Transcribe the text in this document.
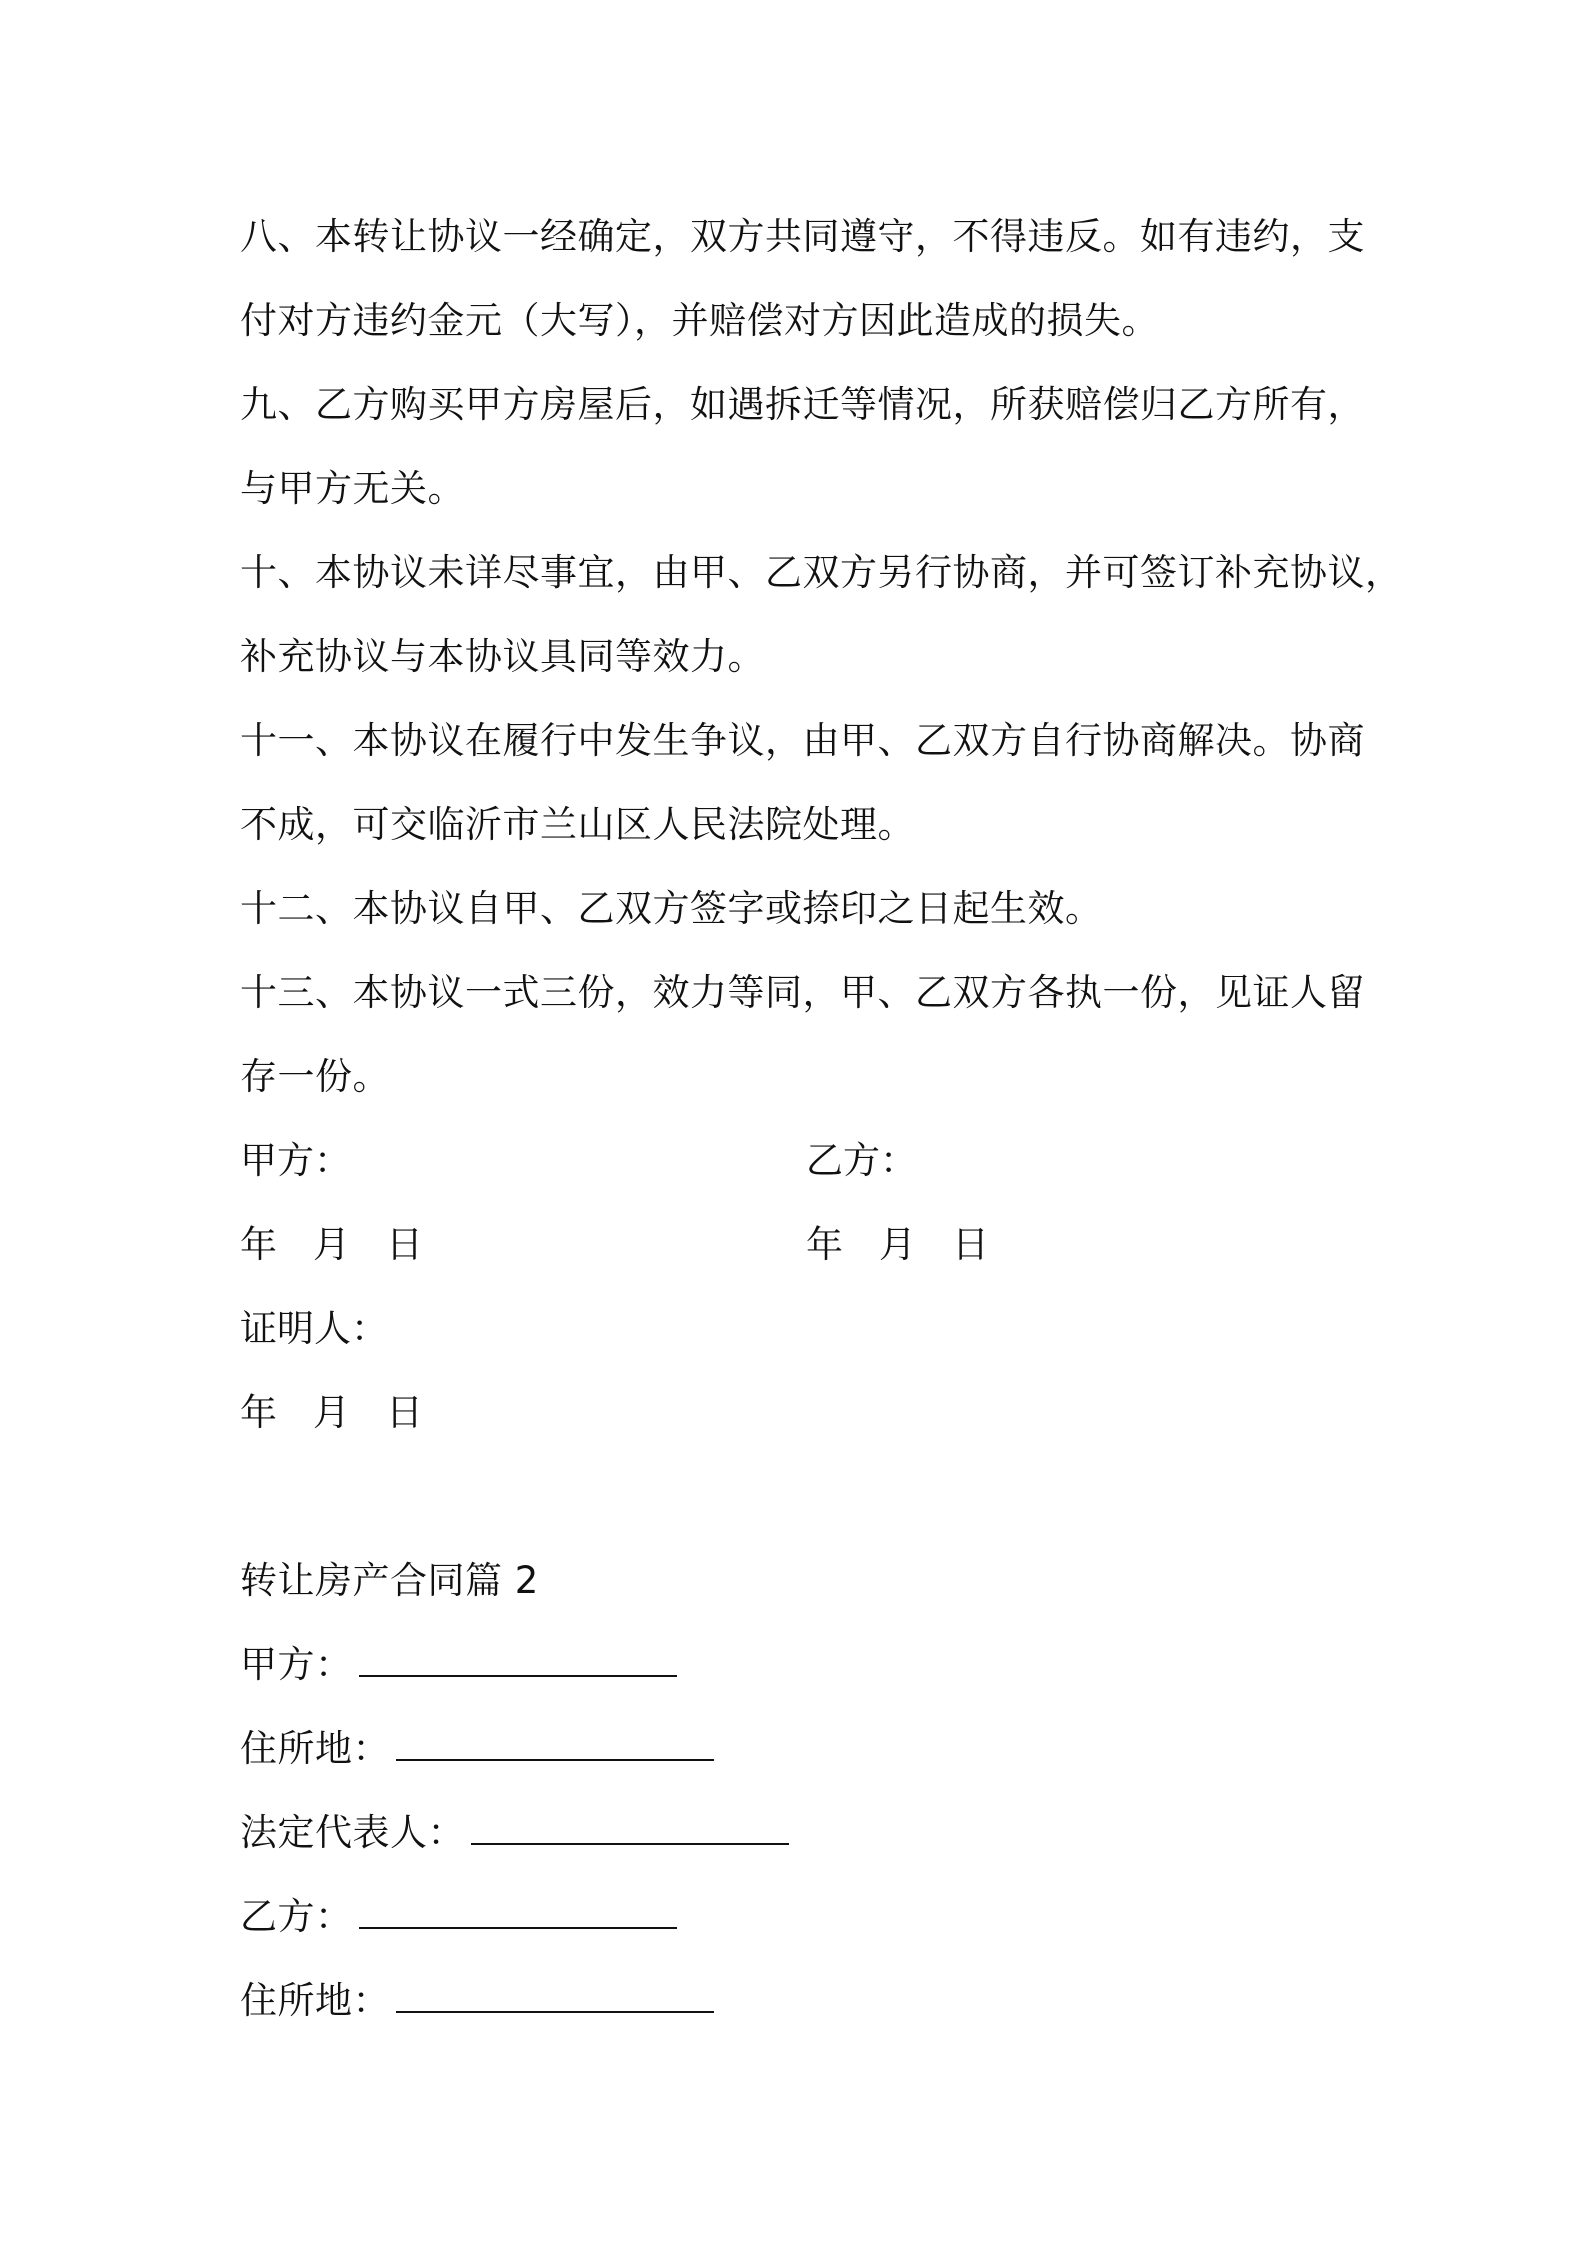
八、本转让协议一经确定，双方共同遵守，不得违反。如有违约，支
付对方违约金元（大写），并赔偿对方因此造成的损失。
九、乙方购买甲方房屋后，如遇拆迁等情况，所获赔偿归乙方所有，
与甲方无关。
十、本协议未详尽事宜，由甲、乙双方另行协商，并可签订补充协议，
补充协议与本协议具同等效力。
十一、本协议在履行中发生争议，由甲、乙双方自行协商解决。协商
不成，可交临沂市兰山区人民法院处理。
十二、本协议自甲、乙双方签字或捺印之日起生效。
十三、本协议一式三份，效力等同，甲、乙双方各执一份，见证人留
存一份。
甲方：	乙方：
年 月 日	年 月 日
证明人：
年 月 日
转让房产合同篇 2
甲方：
住所地：
法定代表人：
乙方：
住所地：
